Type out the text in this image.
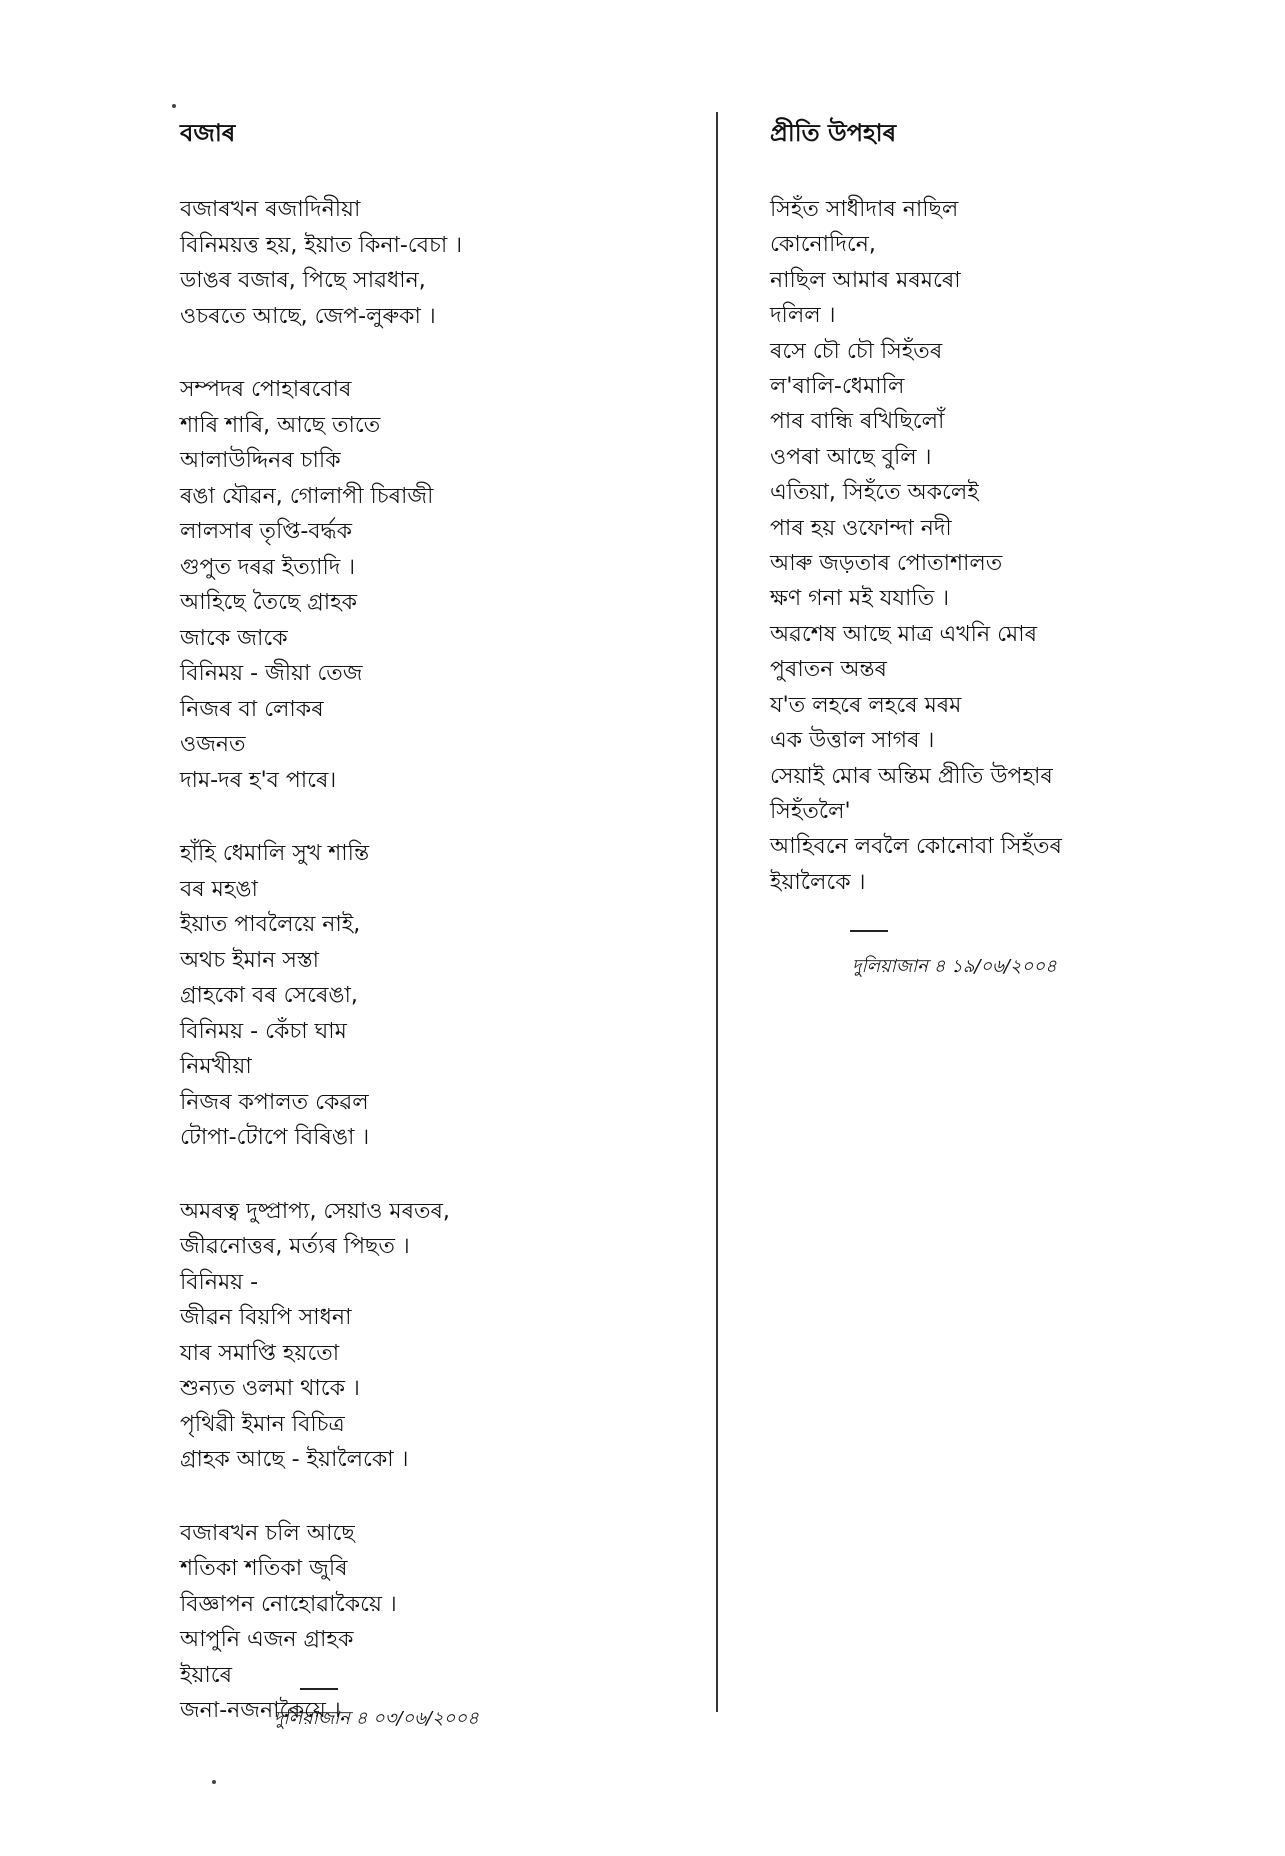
বজাৰ
বজাৰখন ৰজাদিনীয়া
বিনিময়ত্ত হয়, ইয়াত কিনা-বেচা ।
ডাঙৰ বজাৰ, পিছে সাৱধান,
ওচৰতে আছে, জেপ-লুৰুকা ।
সম্পদৰ পোহাৰবোৰ
শাৰি শাৰি, আছে তাতে
আলাউদ্দিনৰ চাকি
ৰঙা যৌৱন, গোলাপী চিৰাজী
লালসাৰ তৃপ্তি-বৰ্দ্ধক
গুপুত দৰৱ ইত্যাদি ।
আহিছে তৈছে গ্ৰাহক
জাকে জাকে
বিনিময় - জীয়া তেজ
নিজৰ বা লোকৰ
ওজনত
দাম-দৰ হ'ব পাৰে।
হাঁহি ধেমালি সুখ শান্তি
বৰ মহঙা
ইয়াত পাবলৈয়ে নাই,
অথচ ইমান সস্তা
গ্ৰাহকো বৰ সেৰেঙা,
বিনিময় - কেঁচা ঘাম
নিমখীয়া
নিজৰ কপালত কেৱল
টোপা-টোপে বিৰিঙা ।
অমৰত্ব দুষ্প্ৰাপ্য, সেয়াও মৰতৰ,
জীৱনোত্তৰ, মৰ্ত্যৰ পিছত ।
বিনিময় -
জীৱন বিয়পি সাধনা
যাৰ সমাপ্তি হয়তো
শুন্যত ওলমা থাকে ।
পৃথিৱী ইমান বিচিত্ৰ
গ্ৰাহক আছে - ইয়ালৈকো ।
বজাৰখন চলি আছে
শতিকা শতিকা জুৰি
বিজ্ঞাপন নোহোৱাকৈয়ে ।
আপুনি এজন গ্ৰাহক
ইয়াৰে
জনা-নজনাকৈয়ে ।
দুলিয়াজান ৪ ০৩/০৬/২০০৪
প্ৰীতি উপহাৰ
সিহঁত সাধীদাৰ নাছিল
কোনোদিনে,
নাছিল আমাৰ মৰমৰো
দলিল ।
ৰসে চৌ চৌ সিহঁতৰ
ল'ৰালি-ধেমালি
পাৰ বান্ধি ৰখিছিলোঁ
ওপৰা আছে বুলি ।
এতিয়া, সিহঁতে অকলেই
পাৰ হয় ওফোন্দা নদী
আৰু জড়তাৰ পোতাশালত
ক্ষণ গনা মই যযাতি ।
অৱশেষ আছে মাত্ৰ এখনি মোৰ
পুৰাতন অন্তৰ
য'ত লহৰে লহৰে মৰম
এক উত্তাল সাগৰ ।
সেয়াই মোৰ অন্তিম প্ৰীতি উপহাৰ
সিহঁতলৈ'
আহিবনে লবলৈ কোনোবা সিহঁতৰ
ইয়ালৈকে ।
দুলিয়াজান ৪ ১৯/০৬/২০০৪
